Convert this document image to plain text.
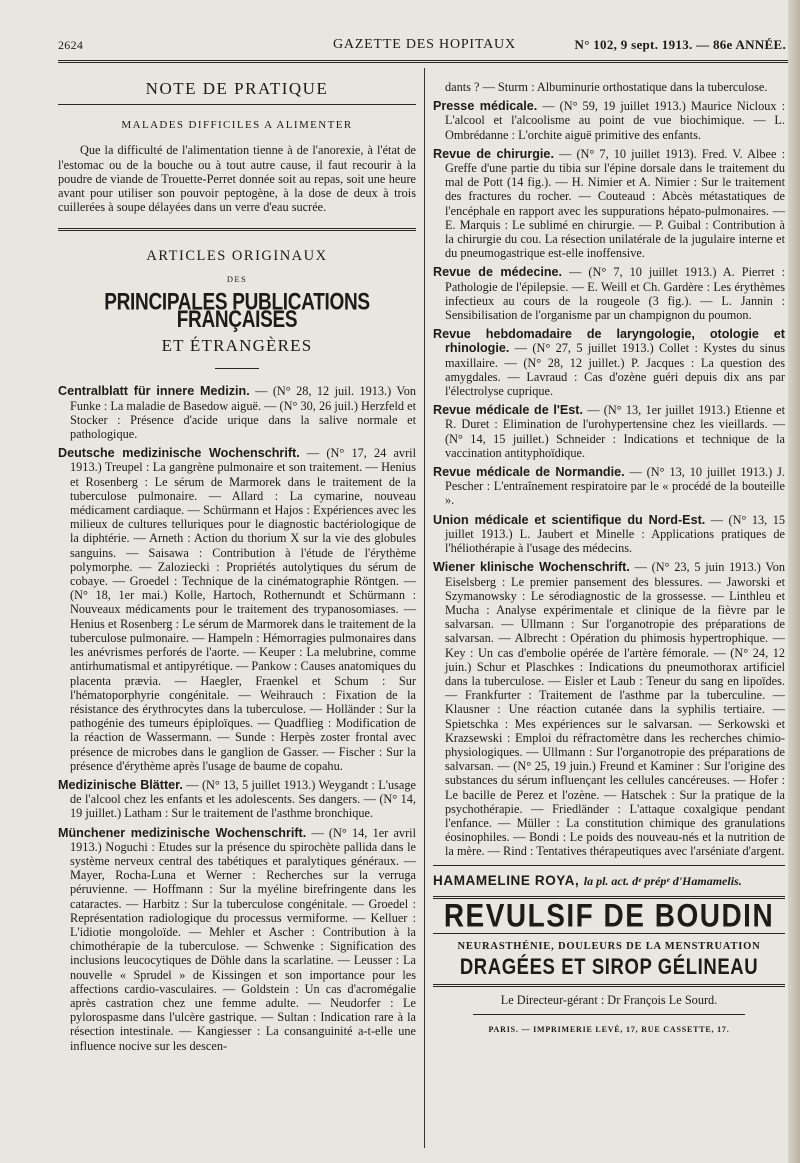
2624	GAZETTE DES HOPITAUX	N° 102, 9 sept. 1913. — 86e ANNÉE.
NOTE DE PRATIQUE
MALADES DIFFICILES A ALIMENTER

Que la difficulté de l'alimentation tienne à de l'anorexie, à l'état de l'estomac ou de la bouche ou à tout autre cause, il faut recourir à la poudre de viande de Trouette-Perret donnée soit au repas, soit une heure avant pour utiliser son pouvoir peptogène, à la dose de deux à trois cuillerées à soupe délayées dans un verre d'eau sucrée.

ARTICLES ORIGINAUX
DES
PRINCIPALES PUBLICATIONS FRANÇAISES
ET ÉTRANGÈRES
Centralblatt für innere Medizin. — (N° 28, 12 juil. 1913.) Von Funke : La maladie de Basedow aiguë. — (N° 30, 26 juil.) Herzfeld et Stocker : Présence d'acide urique dans la salive normale et pathologique.
Deutsche medizinische Wochenschrift. — (N° 17, 24 avril 1913.) Treupel : La gangrène pulmonaire et son traitement. — Henius et Rosenberg : Le sérum de Marmorek dans le traitement de la tuberculose pulmonaire. — Allard : La cymarine, nouveau médicament cardiaque. — Schürmann et Hajos : Expériences avec les milieux de cultures telluriques pour le diagnostic bactériologique de la diphtérie. — Arneth : Action du thorium X sur la vie des globules sanguins. — Saisawa : Contribution à l'étude de l'érythème polymorphe. — Zaloziecki : Propriétés autolytiques du sérum de cobaye. — Groedel : Technique de la cinématographie Röntgen. — (N° 18, 1er mai.) Kolle, Hartoch, Rothernundt et Schürmann : Nouveaux médicaments pour le traitement des trypanosomiases. — Henius et Rosenberg : Le sérum de Marmorek dans le traitement de la tuberculose pulmonaire. — Hampeln : Hémorragies pulmonaires dans les anévrismes perforés de l'aorte. — Keuper : La melubrine, comme antirhumatismal et antipyrétique. — Pankow : Causes anatomiques du placenta prævia. — Haegler, Fraenkel et Schum : Sur l'hématoporphyrie congénitale. — Weihrauch : Fixation de la résistance des érythrocytes dans la tuberculose. — Holländer : Sur la pathogénie des tumeurs épiploïques. — Quadflieg : Modification de la réaction de Wassermann. — Sunde : Herpès zoster frontal avec présence de microbes dans le ganglion de Gasser. — Fischer : Sur la présence d'érythème après l'usage de baume de copahu.
Medizinische Blätter. — (N° 13, 5 juillet 1913.) Weygandt : L'usage de l'alcool chez les enfants et les adolescents. Ses dangers. — (N° 14, 19 juillet.) Latham : Sur le traitement de l'asthme bronchique.
Münchener medizinische Wochenschrift. — (N° 14, 1er avril 1913.) Noguchi : Etudes sur la présence du spirochète pallida dans le système nerveux central des tabétiques et paralytiques généraux. — Mayer, Rocha-Luna et Werner : Recherches sur la verruga péruvienne. — Hoffmann : Sur la myéline birefringente dans les cataractes. — Harbitz : Sur la tuberculose congénitale. — Groedel : Représentation radiologique du processus vermiforme. — Kelluer : L'idiotie mongoloïde. — Mehler et Ascher : Contribution à la chimothérapie de la tuberculose. — Schwenke : Signification des inclusions leucocytiques de Döhle dans la scarlatine. — Leusser : La nouvelle « Sprudel » de Kissingen et son importance pour les affections cardio-vasculaires. — Goldstein : Un cas d'acromégalie après castration chez une femme adulte. — Neudorfer : Le pylorospasme dans l'ulcère gastrique. — Sultan : Indication rare à la résection intestinale. — Kangiesser : La consanguinité a-t-elle une influence nocive sur les descen-

dants ? — Sturm : Albuminurie orthostatique dans la tuberculose.

Presse médicale. — (N° 59, 19 juillet 1913.) Maurice Nicloux : L'alcool et l'alcoolisme au point de vue biochimique. — L. Ombrédanne : L'orchite aiguë primitive des enfants.
Revue de chirurgie. — (N° 7, 10 juillet 1913). Fred. V. Albee : Greffe d'une partie du tibia sur l'épine dorsale dans le traitement du mal de Pott (14 fig.). — H. Nimier et A. Nimier : Sur le traitement des fractures du rocher. — Couteaud : Abcès métastatiques de l'encéphale en rapport avec les suppurations hépato-pulmonaires. — E. Marquis : Le sublimé en chirurgie. — P. Guibal : Contribution à la chirurgie du cou. La résection unilatérale de la jugulaire interne et du pneumogastrique est-elle inoffensive.
Revue de médecine. — (N° 7, 10 juillet 1913.) A. Pierret : Pathologie de l'épilepsie. — E. Weill et Ch. Gardère : Les érythèmes infectieux au cours de la rougeole (3 fig.). — L. Jannin : Sensibilisation de l'organisme par un champignon du poumon.
Revue hebdomadaire de laryngologie, otologie et rhinologie. — (N° 27, 5 juillet 1913.) Collet : Kystes du sinus maxillaire. — (N° 28, 12 juillet.) P. Jacques : La question des amygdales. — Lavraud : Cas d'ozène guéri depuis dix ans par l'électrolyse cuprique.
Revue médicale de l'Est. — (N° 13, 1er juillet 1913.) Etienne et R. Duret : Elimination de l'urohypertensine chez les vieillards. — (N° 14, 15 juillet.) Schneider : Indications et technique de la vaccination antityphoïdique.
Revue médicale de Normandie. — (N° 13, 10 juillet 1913.) J. Pescher : L'entraînement respiratoire par le « procédé de la bouteille ».
Union médicale et scientifique du Nord-Est. — (N° 13, 15 juillet 1913.) L. Jaubert et Minelle : Applications pratiques de l'héliothérapie à l'usage des médecins.
Wiener klinische Wochenschrift. — (N° 23, 5 juin 1913.) Von Eiselsberg : Le premier pansement des blessures. — Jaworski et Szymanowsky : Le sérodiagnostic de la grossesse. — Linthleu et Mucha : Analyse expérimentale et clinique de la fièvre par le salvarsan. — Ullmann : Sur l'organotropie des préparations de salvarsan. — Albrecht : Opération du phimosis hypertrophique. — Key : Un cas d'embolie opérée de l'artère fémorale. — (N° 24, 12 juin.) Schur et Plaschkes : Indications du pneumothorax artificiel dans la tuberculose. — Eisler et Laub : Teneur du sang en lipoïdes. — Frankfurter : Traitement de l'asthme par la tuberculine. — Klausner : Une réaction cutanée dans la syphilis tertiaire. — Spietschka : Mes expériences sur le salvarsan. — Serkowski et Krazsewski : Emploi du réfractomètre dans les recherches chimio-physiologiques. — Ullmann : Sur l'organotropie des préparations de salvarsan. — (N° 25, 19 juin.) Freund et Kaminer : Sur l'origine des substances du sérum influençant les cellules cancéreuses. — Hofer : Le bacille de Perez et l'ozène. — Hatschek : Sur la pratique de la psychothérapie. — Friedländer : L'attaque coxalgique pendant l'enfance. — Müller : La constitution chimique des granulations éosinophiles. — Bondi : Le poids des nouveau-nés et la nutrition de la mère. — Rind : Tentatives thérapeutiques avec l'arséniate d'argent.
HAMAMELINE ROYA, la pl. act. dᵉ prépᵉ d'Hamamelis.
REVULSIF DE BOUDIN
NEURASTHÉNIE, DOULEURS DE LA MENSTRUATION
DRAGÉES ET SIROP GÉLINEAU
Le Directeur-gérant : Dr François Le Sourd.
PARIS. — IMPRIMERIE LEVÉ, 17, RUE CASSETTE, 17.
